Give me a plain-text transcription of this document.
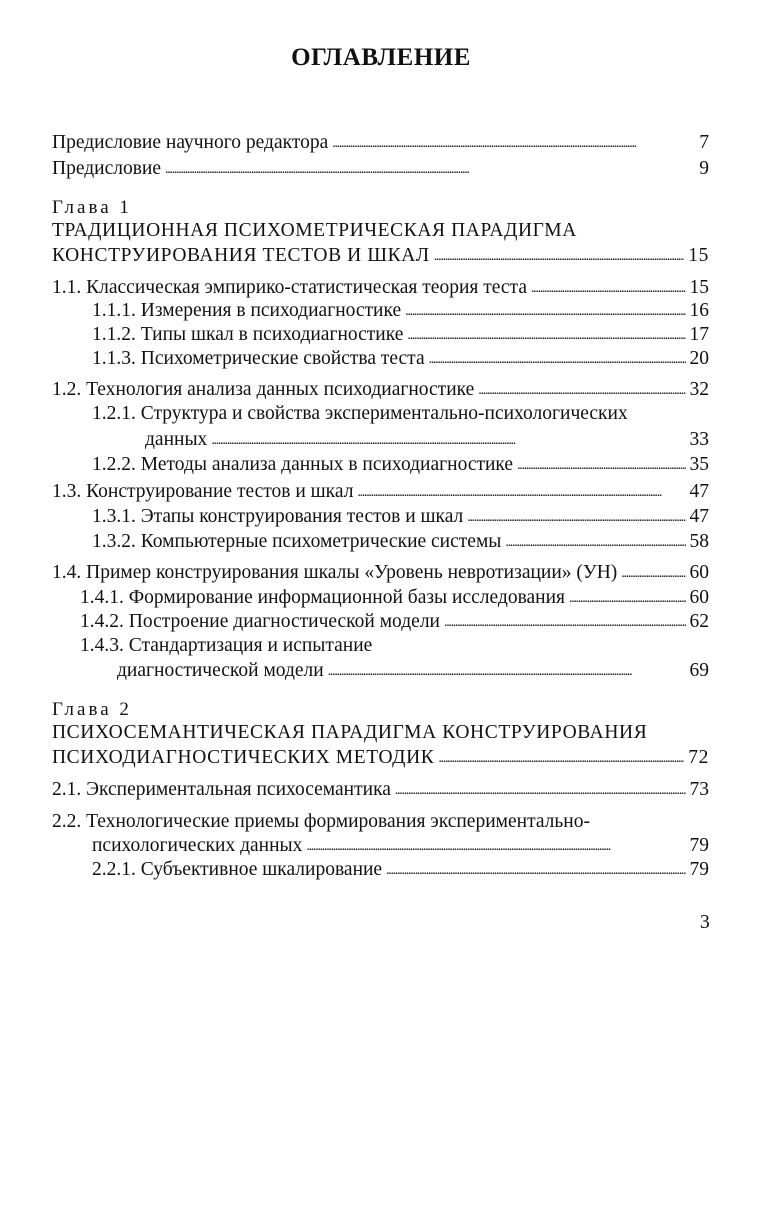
ОГЛАВЛЕНИЕ
Предисловие научного редактора . . .	7
Предисловие . . .	9
Глава 1
ТРАДИЦИОННАЯ ПСИХОМЕТРИЧЕСКАЯ ПАРАДИГМА
КОНСТРУИРОВАНИЯ ТЕСТОВ И ШКАЛ . . .	15
1.1. Классическая эмпирико-статистическая теория теста . . .	15
1.1.1. Измерения в психодиагностике . . .	16
1.1.2. Типы шкал в психодиагностике . . .	17
1.1.3. Психометрические свойства теста . . .	20
1.2. Технология анализа данных психодиагностике . . .	32
1.2.1. Структура и свойства экспериментально-психологических
данных . . .	33
1.2.2. Методы анализа данных в психодиагностике . . .	35
1.3. Конструирование тестов и шкал . . .	47
1.3.1. Этапы конструирования тестов и шкал . . .	47
1.3.2. Компьютерные психометрические системы . . .	58
1.4. Пример конструирования шкалы «Уровень невротизации» (УН) . . .	60
1.4.1. Формирование информационной базы исследования . . .	60
1.4.2. Построение диагностической модели . . .	62
1.4.3. Стандартизация и испытание
диагностической модели . . .	69
Глава 2
ПСИХОСЕМАНТИЧЕСКАЯ ПАРАДИГМА КОНСТРУИРОВАНИЯ
ПСИХОДИАГНОСТИЧЕСКИХ МЕТОДИК . . .	72
2.1. Экспериментальная психосемантика . . .	73
2.2. Технологические приемы формирования экспериментально-
психологических данных . . .	79
2.2.1. Субъективное шкалирование . . .	79
3
